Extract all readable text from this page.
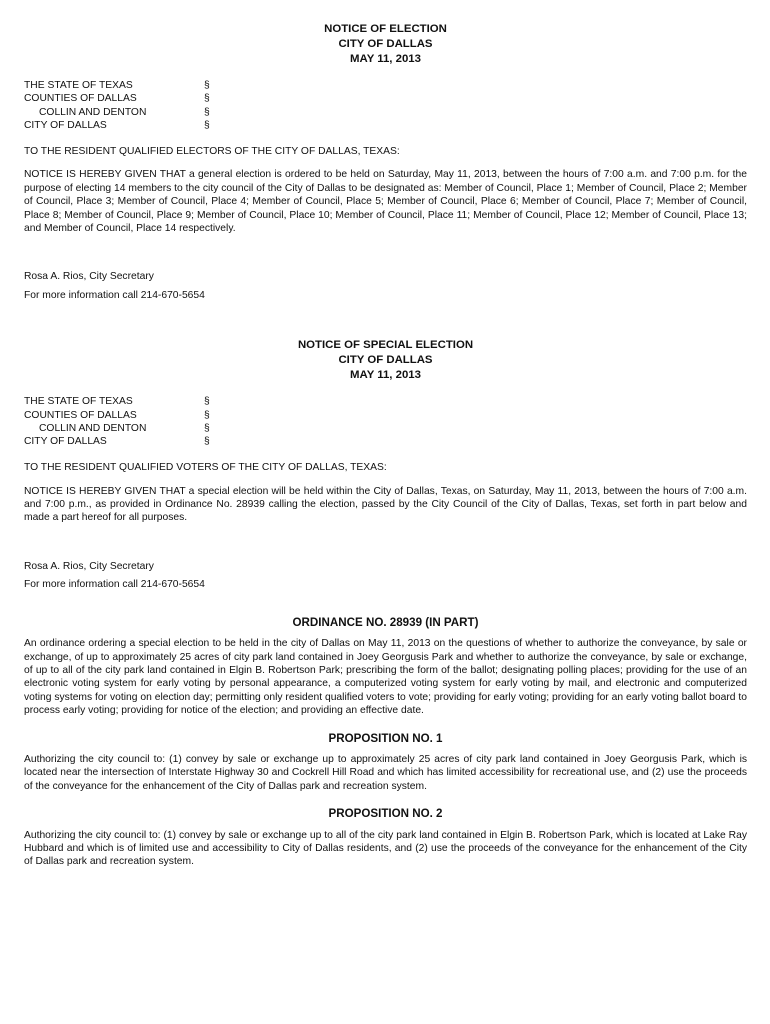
NOTICE OF ELECTION
CITY OF DALLAS
MAY 11, 2013
THE STATE OF TEXAS
COUNTIES OF DALLAS
COLLIN AND DENTON
CITY OF DALLAS
§
§
§
§
TO THE RESIDENT QUALIFIED ELECTORS OF THE CITY OF DALLAS, TEXAS:
NOTICE IS HEREBY GIVEN THAT a general election is ordered to be held on Saturday, May 11, 2013, between the hours of 7:00 a.m. and 7:00 p.m. for the purpose of electing 14 members to the city council of the City of Dallas to be designated as: Member of Council, Place 1; Member of Council, Place 2; Member of Council, Place 3; Member of Council, Place 4; Member of Council, Place 5; Member of Council, Place 6; Member of Council, Place 7; Member of Council, Place 8; Member of Council, Place 9; Member of Council, Place 10; Member of Council, Place 11; Member of Council, Place 12; Member of Council, Place 13; and Member of Council, Place 14 respectively.
Rosa A. Rios, City Secretary
For more information call 214-670-5654
NOTICE OF SPECIAL ELECTION
CITY OF DALLAS
MAY 11, 2013
THE STATE OF TEXAS
COUNTIES OF DALLAS
COLLIN AND DENTON
CITY OF DALLAS
§
§
§
§
TO THE RESIDENT QUALIFIED VOTERS OF THE CITY OF DALLAS, TEXAS:
NOTICE IS HEREBY GIVEN THAT a special election will be held within the City of Dallas, Texas, on Saturday, May 11, 2013, between the hours of 7:00 a.m. and 7:00 p.m., as provided in Ordinance No. 28939 calling the election, passed by the City Council of the City of Dallas, Texas, set forth in part below and made a part hereof for all purposes.
Rosa A. Rios, City Secretary
For more information call 214-670-5654
ORDINANCE NO. 28939 (IN PART)
An ordinance ordering a special election to be held in the city of Dallas on May 11, 2013 on the questions of whether to authorize the conveyance, by sale or exchange, of up to approximately 25 acres of city park land contained in Joey Georgusis Park and whether to authorize the conveyance, by sale or exchange, of up to all of the city park land contained in Elgin B. Robertson Park; prescribing the form of the ballot; designating polling places; providing for the use of an electronic voting system for early voting by personal appearance, a computerized voting system for early voting by mail, and electronic and computerized voting systems for voting on election day; permitting only resident qualified voters to vote; providing for early voting; providing for an early voting ballot board to process early voting; providing for notice of the election; and providing an effective date.
PROPOSITION NO. 1
Authorizing the city council to: (1) convey by sale or exchange up to approximately 25 acres of city park land contained in Joey Georgusis Park, which is located near the intersection of Interstate Highway 30 and Cockrell Hill Road and which has limited accessibility for recreational use, and (2) use the proceeds of the conveyance for the enhancement of the City of Dallas park and recreation system.
PROPOSITION NO. 2
Authorizing the city council to: (1) convey by sale or exchange up to all of the city park land contained in Elgin B. Robertson Park, which is located at Lake Ray Hubbard and which is of limited use and accessibility to City of Dallas residents, and (2) use the proceeds of the conveyance for the enhancement of the City of Dallas park and recreation system.
